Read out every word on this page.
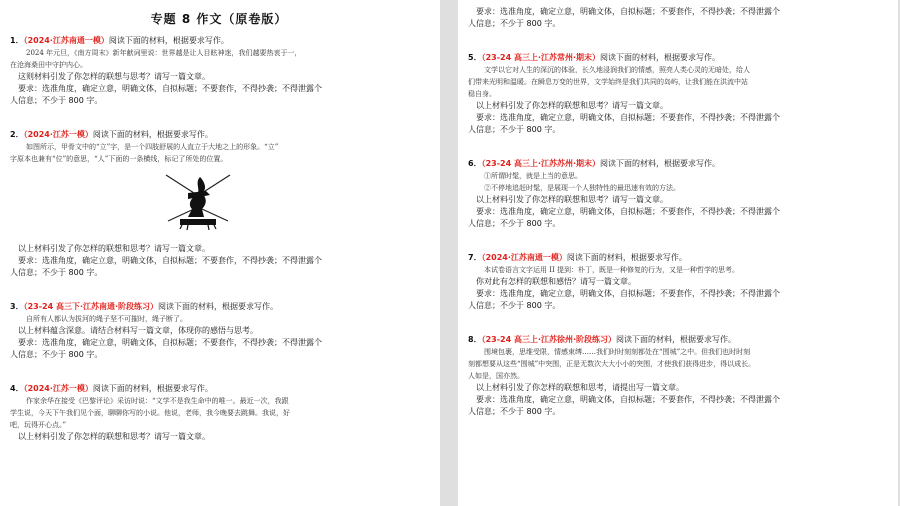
专题 8 作文（原卷版）
1．（2024·江苏南通一模）阅读下面的材料，根据要求写作。
2024 年元旦，《南方周末》新年献词里说：世界越是让人目眩神迷，我们越要热衷于一，
在沧海桑田中守护内心。
这则材料引发了你怎样的联想与思考？请写一篇文章。
要求：选准角度，确定立意，明确文体，自拟标题；不要套作，不得抄袭；不得泄露个
人信息；不少于 800 字。
2．（2024·江苏一模）阅读下面的材料，根据要求写作。
如图所示，甲骨文中的“立”字，是一个四肢舒展的人直立于大地之上的形象。“立”
字原本也兼有“位”的意思，“人”下面的一条横线，标记了所处的位置。
以上材料引发了你怎样的联想和思考？请写一篇文章。
要求：选准角度，确定立意，明确文体，自拟标题；不要套作，不得抄袭；不得泄露个
人信息；不少于 800 字。
3．（23-24 高三下·江苏南通·阶段练习）阅读下面的材料，根据要求写作。
自所有人都认为拔河的绳子坚不可摧时，绳子断了。
以上材料蕴含深意。请结合材料写一篇文章，体现你的感悟与思考。
要求：选准角度，确定立意，明确文体，自拟标题；不要套作，不得抄袭；不得泄露个
人信息；不少于 800 字。
4．（2024·江苏一模）阅读下面的材料，根据要求写作。
作家余华在接受《巴黎评论》采访时说：“文学不是我生命中的唯一。最近一次，我跟
学生说，今天下午我们见个面，聊聊你写的小说。他说，老师，我今晚要去跳舞。我说，好
吧，玩得开心点。”
以上材料引发了你怎样的联想和思考？请写一篇文章。
要求：选准角度，确定立意，明确文体，自拟标题；不要套作，不得抄袭；不得泄露个
人信息；不少于 800 字。
5．（23-24 高三上·江苏常州·期末）阅读下面的材料，根据要求写作。
文学以它对人生的深沉的体验，长久地浸润我们的情感，照亮人类心灵的无暗处，给人
们带来光明和温暖。在瞬息万变的世界，文学始终是我们共同的岛屿，让我们能在洪流中站
稳自身。
以上材料引发了你怎样的联想和思考？请写一篇文章。
要求：选准角度，确定立意，明确文体，自拟标题；不要套作，不得抄袭；不得泄露个
人信息；不少于 800 字。
6．（23-24 高三上·江苏苏州·期末）阅读下面的材料，根据要求写作。
①所谓时髦，就是上当的意思。
②不停地追赶时髦，是展现一个人独特性的最迅速有效的方法。
以上材料引发了你怎样的联想和思考？请写一篇文章。
要求：选准角度，确定立意，明确文体，自拟标题；不要套作，不得抄袭；不得泄露个
人信息；不少于 800 字。
7．（2024·江苏南通一模）阅读下面的材料，根据要求写作。
本试卷语言文字运用 II 提到：朴丁，既是一种修复的行为，又是一种哲学的思考。
你对此有怎样的联想和感悟？请写一篇文章。
要求：选准角度，确定立意，明确文体，自拟标题；不要套作，不得抄袭；不得泄露个
人信息；不少于 800 字。
8．（23-24 高三上·江苏徐州·阶段练习）阅读下面的材料，根据要求写作。
围境包裹，思维受限，情感束缚……我们时时刻刻都处在“围城”之中。但我们也时时刻
刻都想要从这些“围城”中突围，正是无数次大大小小的突围，才使我们获得进步，得以成长。
人如是，国亦然。
以上材料引发了你怎样的联想和思考，请提出写一篇文章。
要求：选准角度，确定立意，明确文体，自拟标题；不要套作，不得抄袭；不得泄露个
人信息；不少于 800 字。
